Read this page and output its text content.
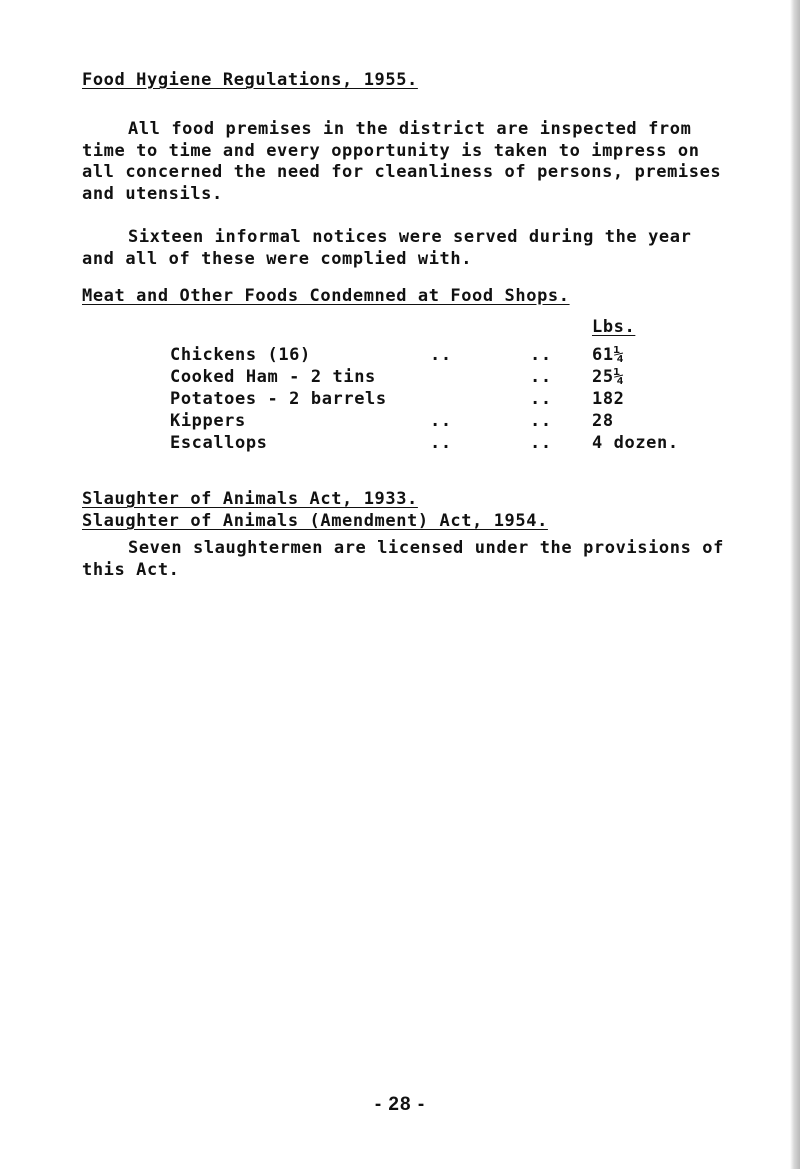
Food Hygiene Regulations, 1955.
All food premises in the district are inspected from time to time and every opportunity is taken to impress on all concerned the need for cleanliness of persons, premises and utensils.
Sixteen informal notices were served during the year and all of these were complied with.
Meat and Other Foods Condemned at Food Shops.
Lbs.
Chickens (16)	..	.. 61¼
Cooked Ham - 2 tins	.. 25¼
Potatoes - 2 barrels	.. 182
Kippers	..	.. 28
Escallops	..	.. 4 dozen.
Slaughter of Animals Act, 1933.
Slaughter of Animals (Amendment) Act, 1954.
Seven slaughtermen are licensed under the provisions of this Act.
- 28 -
